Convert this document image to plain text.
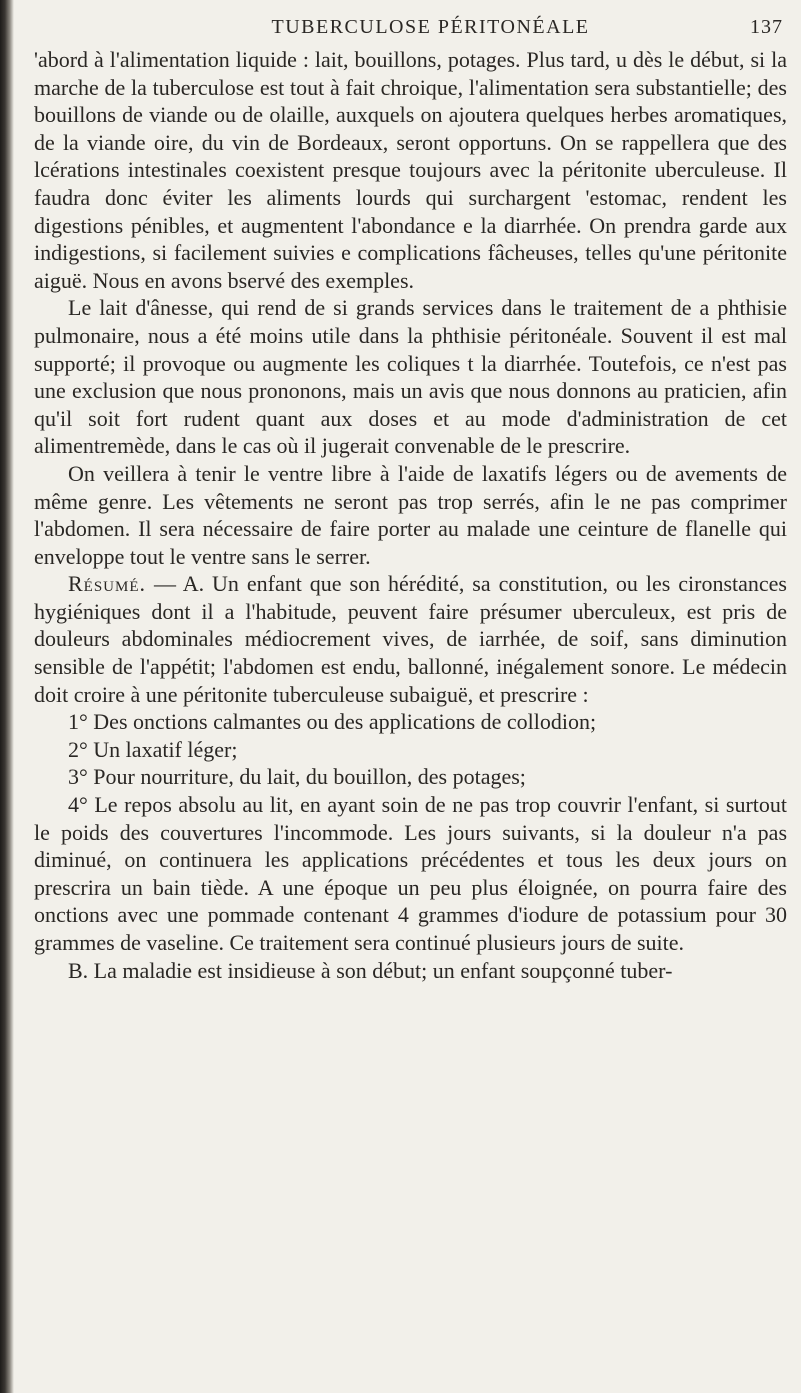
TUBERCULOSE PÉRITONÉALE	137

'abord à l'alimentation liquide : lait, bouillons, potages. Plus tard, u dès le début, si la marche de la tuberculose est tout à fait chroique, l'alimentation sera substantielle; des bouillons de viande ou de olaille, auxquels on ajoutera quelques herbes aromatiques, de la viande oire, du vin de Bordeaux, seront opportuns. On se rappellera que des lcérations intestinales coexistent presque toujours avec la péritonite uberculeuse. Il faudra donc éviter les aliments lourds qui surchargent 'estomac, rendent les digestions pénibles, et augmentent l'abondance e la diarrhée. On prendra garde aux indigestions, si facilement suivies e complications fâcheuses, telles qu'une péritonite aiguë. Nous en avons bservé des exemples.

Le lait d'ânesse, qui rend de si grands services dans le traitement de a phthisie pulmonaire, nous a été moins utile dans la phthisie péritonéale. Souvent il est mal supporté; il provoque ou augmente les coliques t la diarrhée. Toutefois, ce n'est pas une exclusion que nous prononons, mais un avis que nous donnons au praticien, afin qu'il soit fort rudent quant aux doses et au mode d'administration de cet alimentremède, dans le cas où il jugerait convenable de le prescrire.

On veillera à tenir le ventre libre à l'aide de laxatifs légers ou de avements de même genre. Les vêtements ne seront pas trop serrés, afin le ne pas comprimer l'abdomen. Il sera nécessaire de faire porter au malade une ceinture de flanelle qui enveloppe tout le ventre sans le serrer.

Résumé. — A. Un enfant que son hérédité, sa constitution, ou les cironstances hygiéniques dont il a l'habitude, peuvent faire présumer uberculeux, est pris de douleurs abdominales médiocrement vives, de iarrhée, de soif, sans diminution sensible de l'appétit; l'abdomen est endu, ballonné, inégalement sonore. Le médecin doit croire à une péritonite tuberculeuse subaiguë, et prescrire :

1° Des onctions calmantes ou des applications de collodion;

2° Un laxatif léger;

3° Pour nourriture, du lait, du bouillon, des potages;

4° Le repos absolu au lit, en ayant soin de ne pas trop couvrir l'enfant, si surtout le poids des couvertures l'incommode. Les jours suivants, si la douleur n'a pas diminué, on continuera les applications précédentes et tous les deux jours on prescrira un bain tiède. A une époque un peu plus éloignée, on pourra faire des onctions avec une pommade contenant 4 grammes d'iodure de potassium pour 30 grammes de vaseline. Ce traitement sera continué plusieurs jours de suite.

B. La maladie est insidieuse à son début; un enfant soupçonné tuber-
